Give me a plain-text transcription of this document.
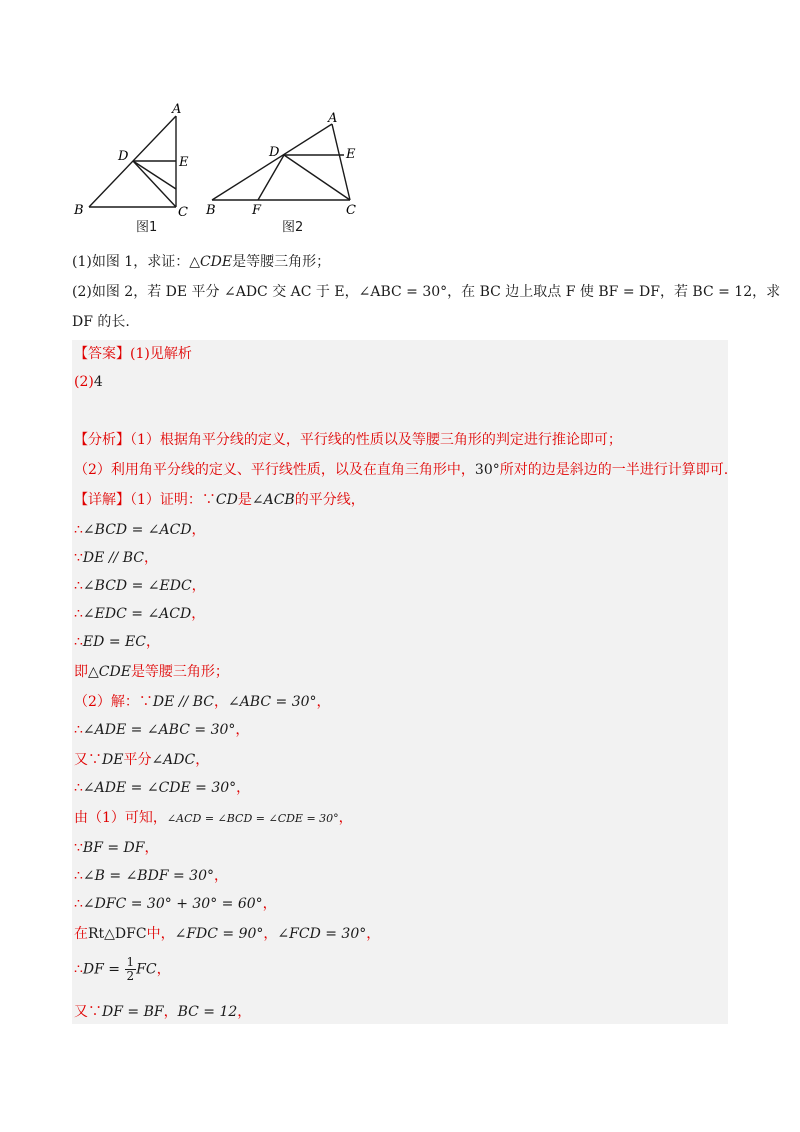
A
D	E
B	C
A
D	E
B	F	C
图1	图2
(1)如图 1，求证：△CDE是等腰三角形；
(2)如图 2，若 DE 平分 ∠ADC 交 AC 于 E，∠ABC = 30°，在 BC 边上取点 F 使 BF = DF，若 BC = 12，求
DF 的长.
【答案】(1)见解析
(2)4
【分析】（1）根据角平分线的定义，平行线的性质以及等腰三角形的判定进行推论即可；
（2）利用角平分线的定义、平行线性质，以及在直角三角形中，30°所对的边是斜边的一半进行计算即可.
【详解】（1）证明：∵CD是∠ACB的平分线，
∴∠BCD = ∠ACD，
∵DE // BC，
∴∠BCD = ∠EDC，
∴∠EDC = ∠ACD，
∴ED = EC，
即△CDE是等腰三角形；
（2）解：∵DE // BC，∠ABC = 30°，
∴∠ADE = ∠ABC = 30°，
又∵DE平分∠ADC，
∴∠ADE = ∠CDE = 30°，
由（1）可知，∠ACD = ∠BCD = ∠CDE = 30°，
∵BF = DF，
∴∠B = ∠BDF = 30°，
∴∠DFC = 30° + 30° = 60°，
在Rt△DFC中，∠FDC = 90°，∠FCD = 30°，
∴DF = $\frac{1}{2}$ FC，
又∵DF = BF，BC = 12，
